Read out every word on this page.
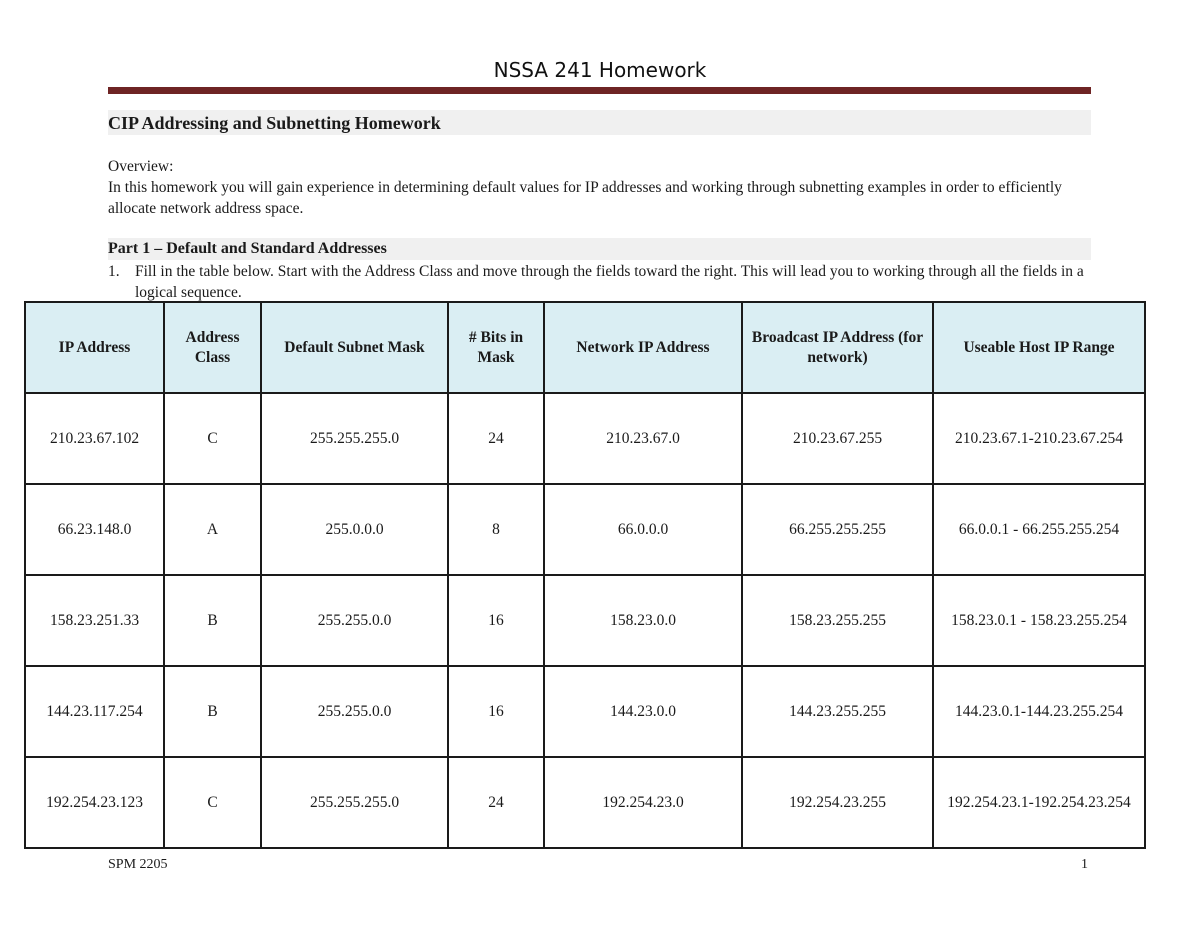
NSSA 241 Homework
CIP Addressing and Subnetting Homework
Overview:
In this homework you will gain experience in determining default values for IP addresses and working through subnetting examples in order to efficiently allocate network address space.
Part 1 – Default and Standard Addresses
1. Fill in the table below. Start with the Address Class and move through the fields toward the right. This will lead you to working through all the fields in a logical sequence.
IP Address	Address Class	Default Subnet Mask	# Bits in Mask	Network IP Address	Broadcast IP Address (for network)	Useable Host IP Range
210.23.67.102	C	255.255.255.0	24	210.23.67.0	210.23.67.255	210.23.67.1-210.23.67.254
66.23.148.0	A	255.0.0.0	8	66.0.0.0	66.255.255.255	66.0.0.1 - 66.255.255.254
158.23.251.33	B	255.255.0.0	16	158.23.0.0	158.23.255.255	158.23.0.1 - 158.23.255.254
144.23.117.254	B	255.255.0.0	16	144.23.0.0	144.23.255.255	144.23.0.1-144.23.255.254
192.254.23.123	C	255.255.255.0	24	192.254.23.0	192.254.23.255	192.254.23.1-192.254.23.254
SPM 2205	1
